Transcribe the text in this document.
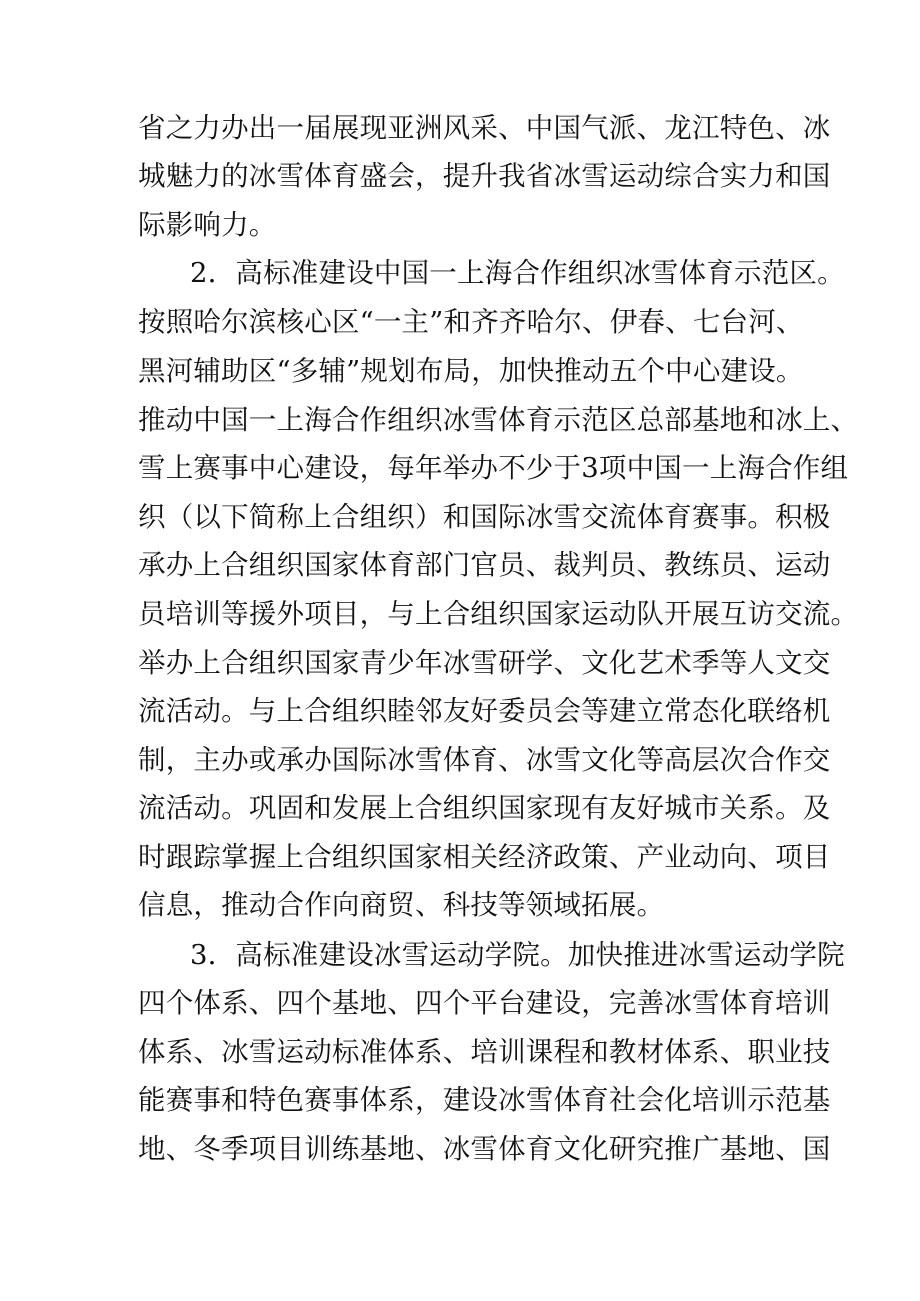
省之力办出一届展现亚洲风采、中国气派、龙江特色、冰
城魅力的冰雪体育盛会，提升我省冰雪运动综合实力和国
际影响力。
2．高标准建设中国一上海合作组织冰雪体育示范区。
按照哈尔滨核心区“一主”和齐齐哈尔、伊春、七台河、
黑河辅助区“多辅”规划布局，加快推动五个中心建设。
推动中国一上海合作组织冰雪体育示范区总部基地和冰上、
雪上赛事中心建设，每年举办不少于3项中国一上海合作组
织（以下简称上合组织）和国际冰雪交流体育赛事。积极
承办上合组织国家体育部门官员、裁判员、教练员、运动
员培训等援外项目，与上合组织国家运动队开展互访交流。
举办上合组织国家青少年冰雪研学、文化艺术季等人文交
流活动。与上合组织睦邻友好委员会等建立常态化联络机
制，主办或承办国际冰雪体育、冰雪文化等高层次合作交
流活动。巩固和发展上合组织国家现有友好城市关系。及
时跟踪掌握上合组织国家相关经济政策、产业动向、项目
信息，推动合作向商贸、科技等领域拓展。
3．高标准建设冰雪运动学院。加快推进冰雪运动学院
四个体系、四个基地、四个平台建设，完善冰雪体育培训
体系、冰雪运动标准体系、培训课程和教材体系、职业技
能赛事和特色赛事体系，建设冰雪体育社会化培训示范基
地、冬季项目训练基地、冰雪体育文化研究推广基地、国
